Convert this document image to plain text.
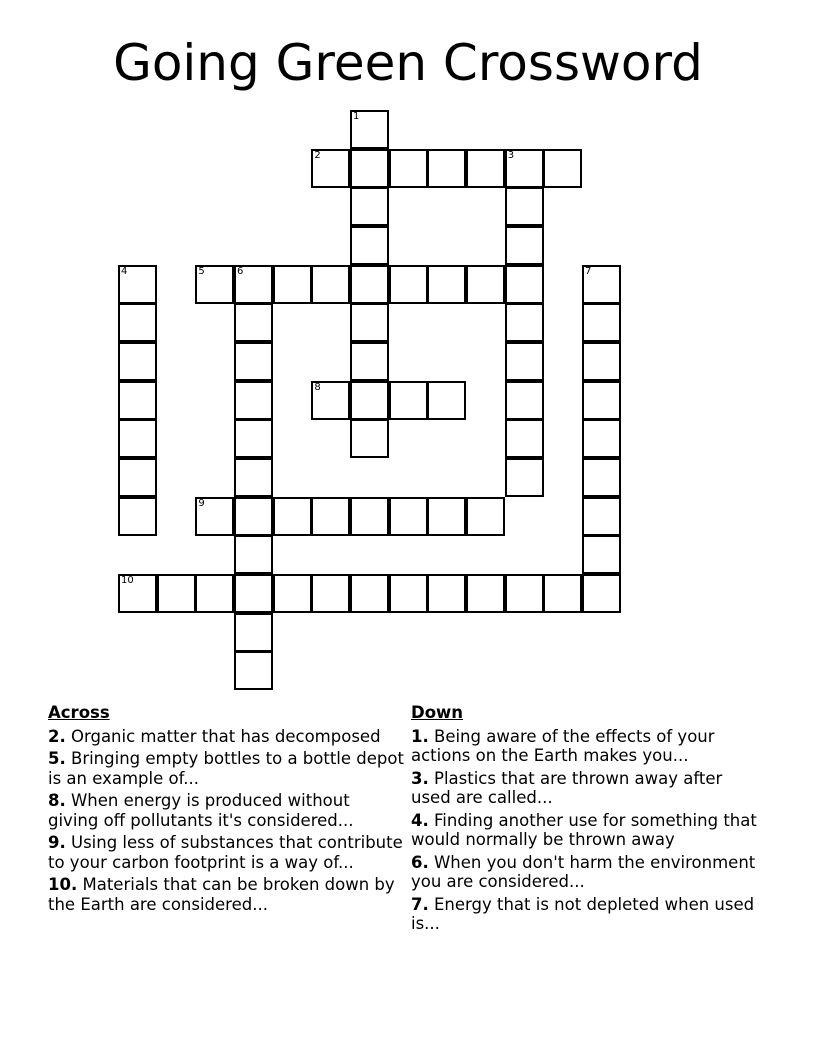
Going Green Crossword
1
2	3
4	5	6	7
8
9
10
Across
2. Organic matter that has decomposed
5. Bringing empty bottles to a bottle depot is an example of...
8. When energy is produced without giving off pollutants it's considered...
9. Using less of substances that contribute to your carbon footprint is a way of...
10. Materials that can be broken down by the Earth are considered...
Down
1. Being aware of the effects of your actions on the Earth makes you...
3. Plastics that are thrown away after used are called...
4. Finding another use for something that would normally be thrown away
6. When you don't harm the environment you are considered...
7. Energy that is not depleted when used is...
